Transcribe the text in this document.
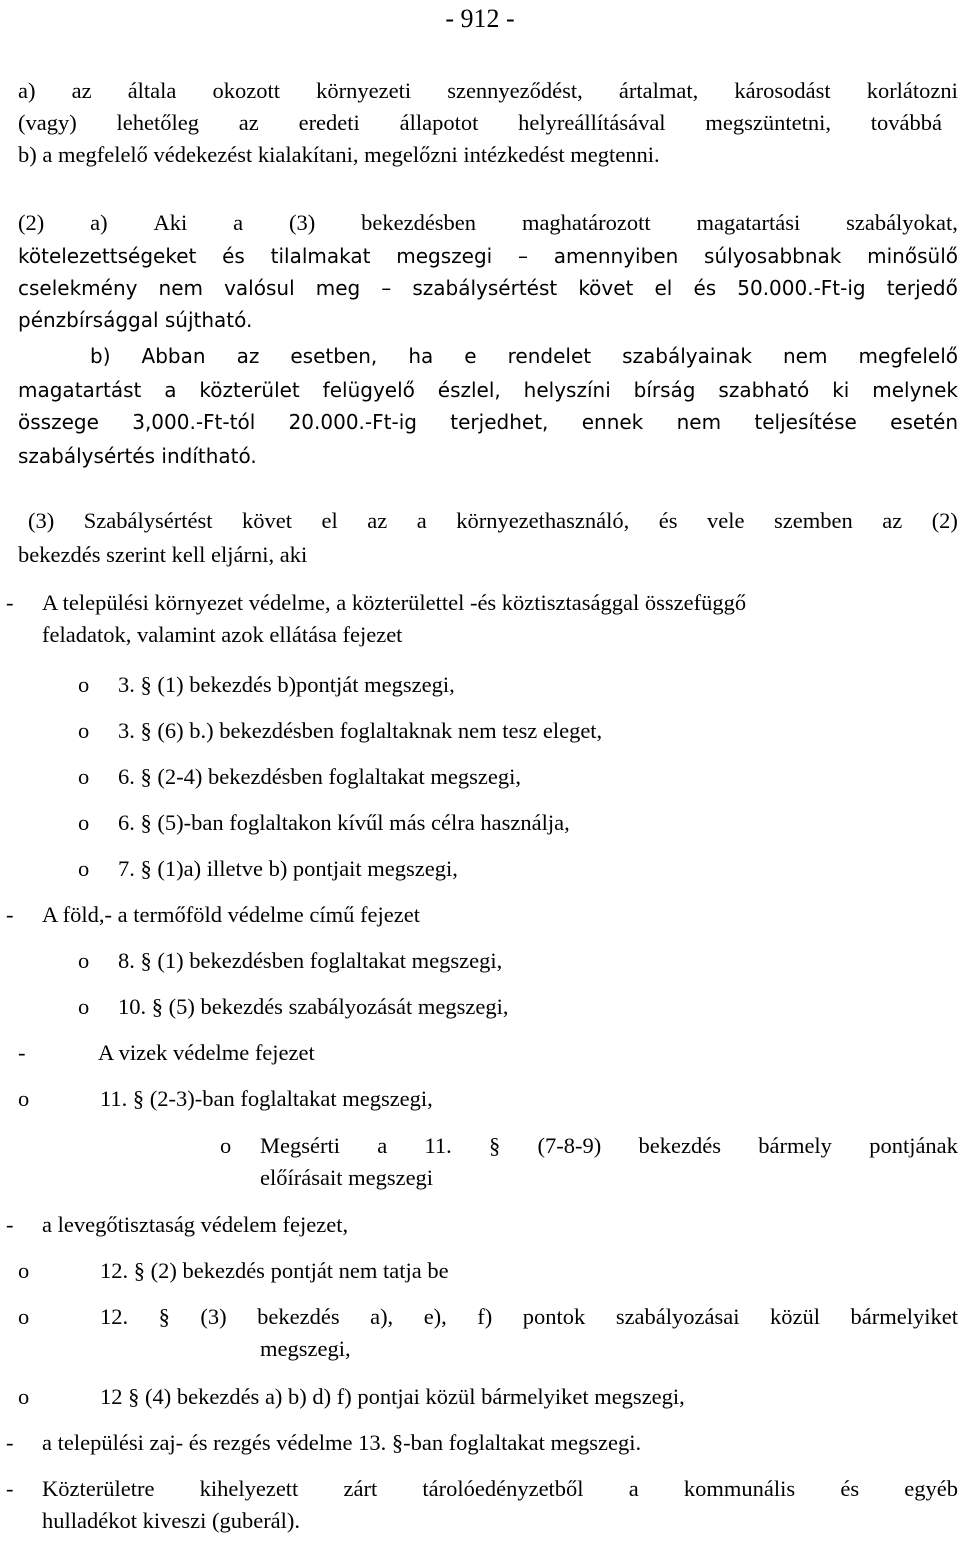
- 912 -
a) az általa okozott környezeti szennyeződést, ártalmat, károsodást korlátozni
(vagy) lehetőleg az eredeti állapotot helyreállításával megszüntetni, továbbá
b) a megfelelő védekezést kialakítani, megelőzni intézkedést megtenni.
(2) a) Aki a (3) bekezdésben maghatározott magatartási szabályokat,
kötelezettségeket és tilalmakat megszegi – amennyiben súlyosabbnak minősülő
cselekmény nem valósul meg – szabálysértést követ el és 50.000.-Ft-ig terjedő
pénzbírsággal sújtható.
b) Abban az esetben, ha e rendelet szabályainak nem megfelelő
magatartást a közterület felügyelő észlel, helyszíni bírság szabható ki melynek
összege 3,000.-Ft-tól 20.000.-Ft-ig terjedhet, ennek nem teljesítése esetén
szabálysértés indítható.
(3) Szabálysértést követ el az a környezethasználó, és vele szemben az (2)
bekezdés szerint kell eljárni, aki
- A települési környezet védelme, a közterülettel -és köztisztasággal összefüggő
feladatok, valamint azok ellátása fejezet
o 3. § (1) bekezdés b)pontját megszegi,
o 3. § (6) b.) bekezdésben foglaltaknak nem tesz eleget,
o 6. § (2-4) bekezdésben foglaltakat megszegi,
o 6. § (5)-ban foglaltakon kívűl más célra használja,
o 7. § (1)a) illetve b) pontjait megszegi,
- A föld,- a termőföld védelme című fejezet
o 8. § (1) bekezdésben foglaltakat megszegi,
o 10. § (5) bekezdés szabályozását megszegi,
-	A vizek védelme fejezet
o	11. § (2-3)-ban foglaltakat megszegi,
o Megsérti a 11. § (7-8-9) bekezdés bármely pontjának
előírásait megszegi
- a levegőtisztaság védelem fejezet,
o	12. § (2) bekezdés pontját nem tatja be
o	12. § (3) bekezdés a), e), f) pontok szabályozásai közül bármelyiket
megszegi,
o	12 § (4) bekezdés a) b) d) f) pontjai közül bármelyiket megszegi,
- a települési zaj- és rezgés védelme 13. §-ban foglaltakat megszegi.
- Közterületre kihelyezett zárt tárolóedényzetből a kommunális és egyéb
hulladékot kiveszi (guberál).
